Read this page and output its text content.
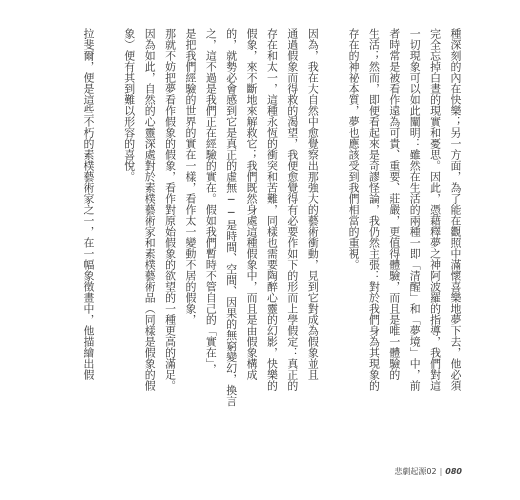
種深刻的內在快樂；另一方面，為了能在觀照中滿懷喜樂地夢下去，他必須
完全忘掉白晝的現實和憂思。因此，憑藉釋夢之神阿波羅的指導，我們對這
一切現象可以如此闡明：雖然在生活的兩種一即「清醒」和「夢境」中，前
者時常是被看作遠為可貴、重要、莊嚴，更值得體驗，而且是唯一體驗的
生活；然而，即便看起來是奇謬怪論，我仍然主張：對於我們身為其現象的
存在的神祕本質，夢也應該受到我們相當的重視。
因為，我在大自然中愈覺察出那強大的藝術衝動，見到它對成為假象並且
通過假象而得救的渴望，我便愈覺得有必要作如下的形而上學假定：真正的
存在和太一，這種永恆的衝突和苦難，同樣也需要陶醉心靈的幻影，快樂的
假象，來不斷地來解救它；我們既然身處這種假象中，而且是由假象構成
的，就勢必會感到它是真正的虛無──是時間、空間、因果的無窮變幻，換言
之，這不過是我們正在經驗的實在。假如我們暫時不管自己的「實在」，
是把我們經驗的世界的實在一樣，看作太一變動不居的假象，
那就不妨把夢看作假象的假象，看作對原始假象的欲望的一種更高的滿足。
因為如此，自然的心靈深處對於素樸藝術家和素樸藝術品（同樣是假象的假
象）便有其到難以形容的喜悅。
拉斐爾，便是這些不朽的素樸藝術家之一，在一幅象徵畫中，他描繪出假
悲劇起源02 | 080
